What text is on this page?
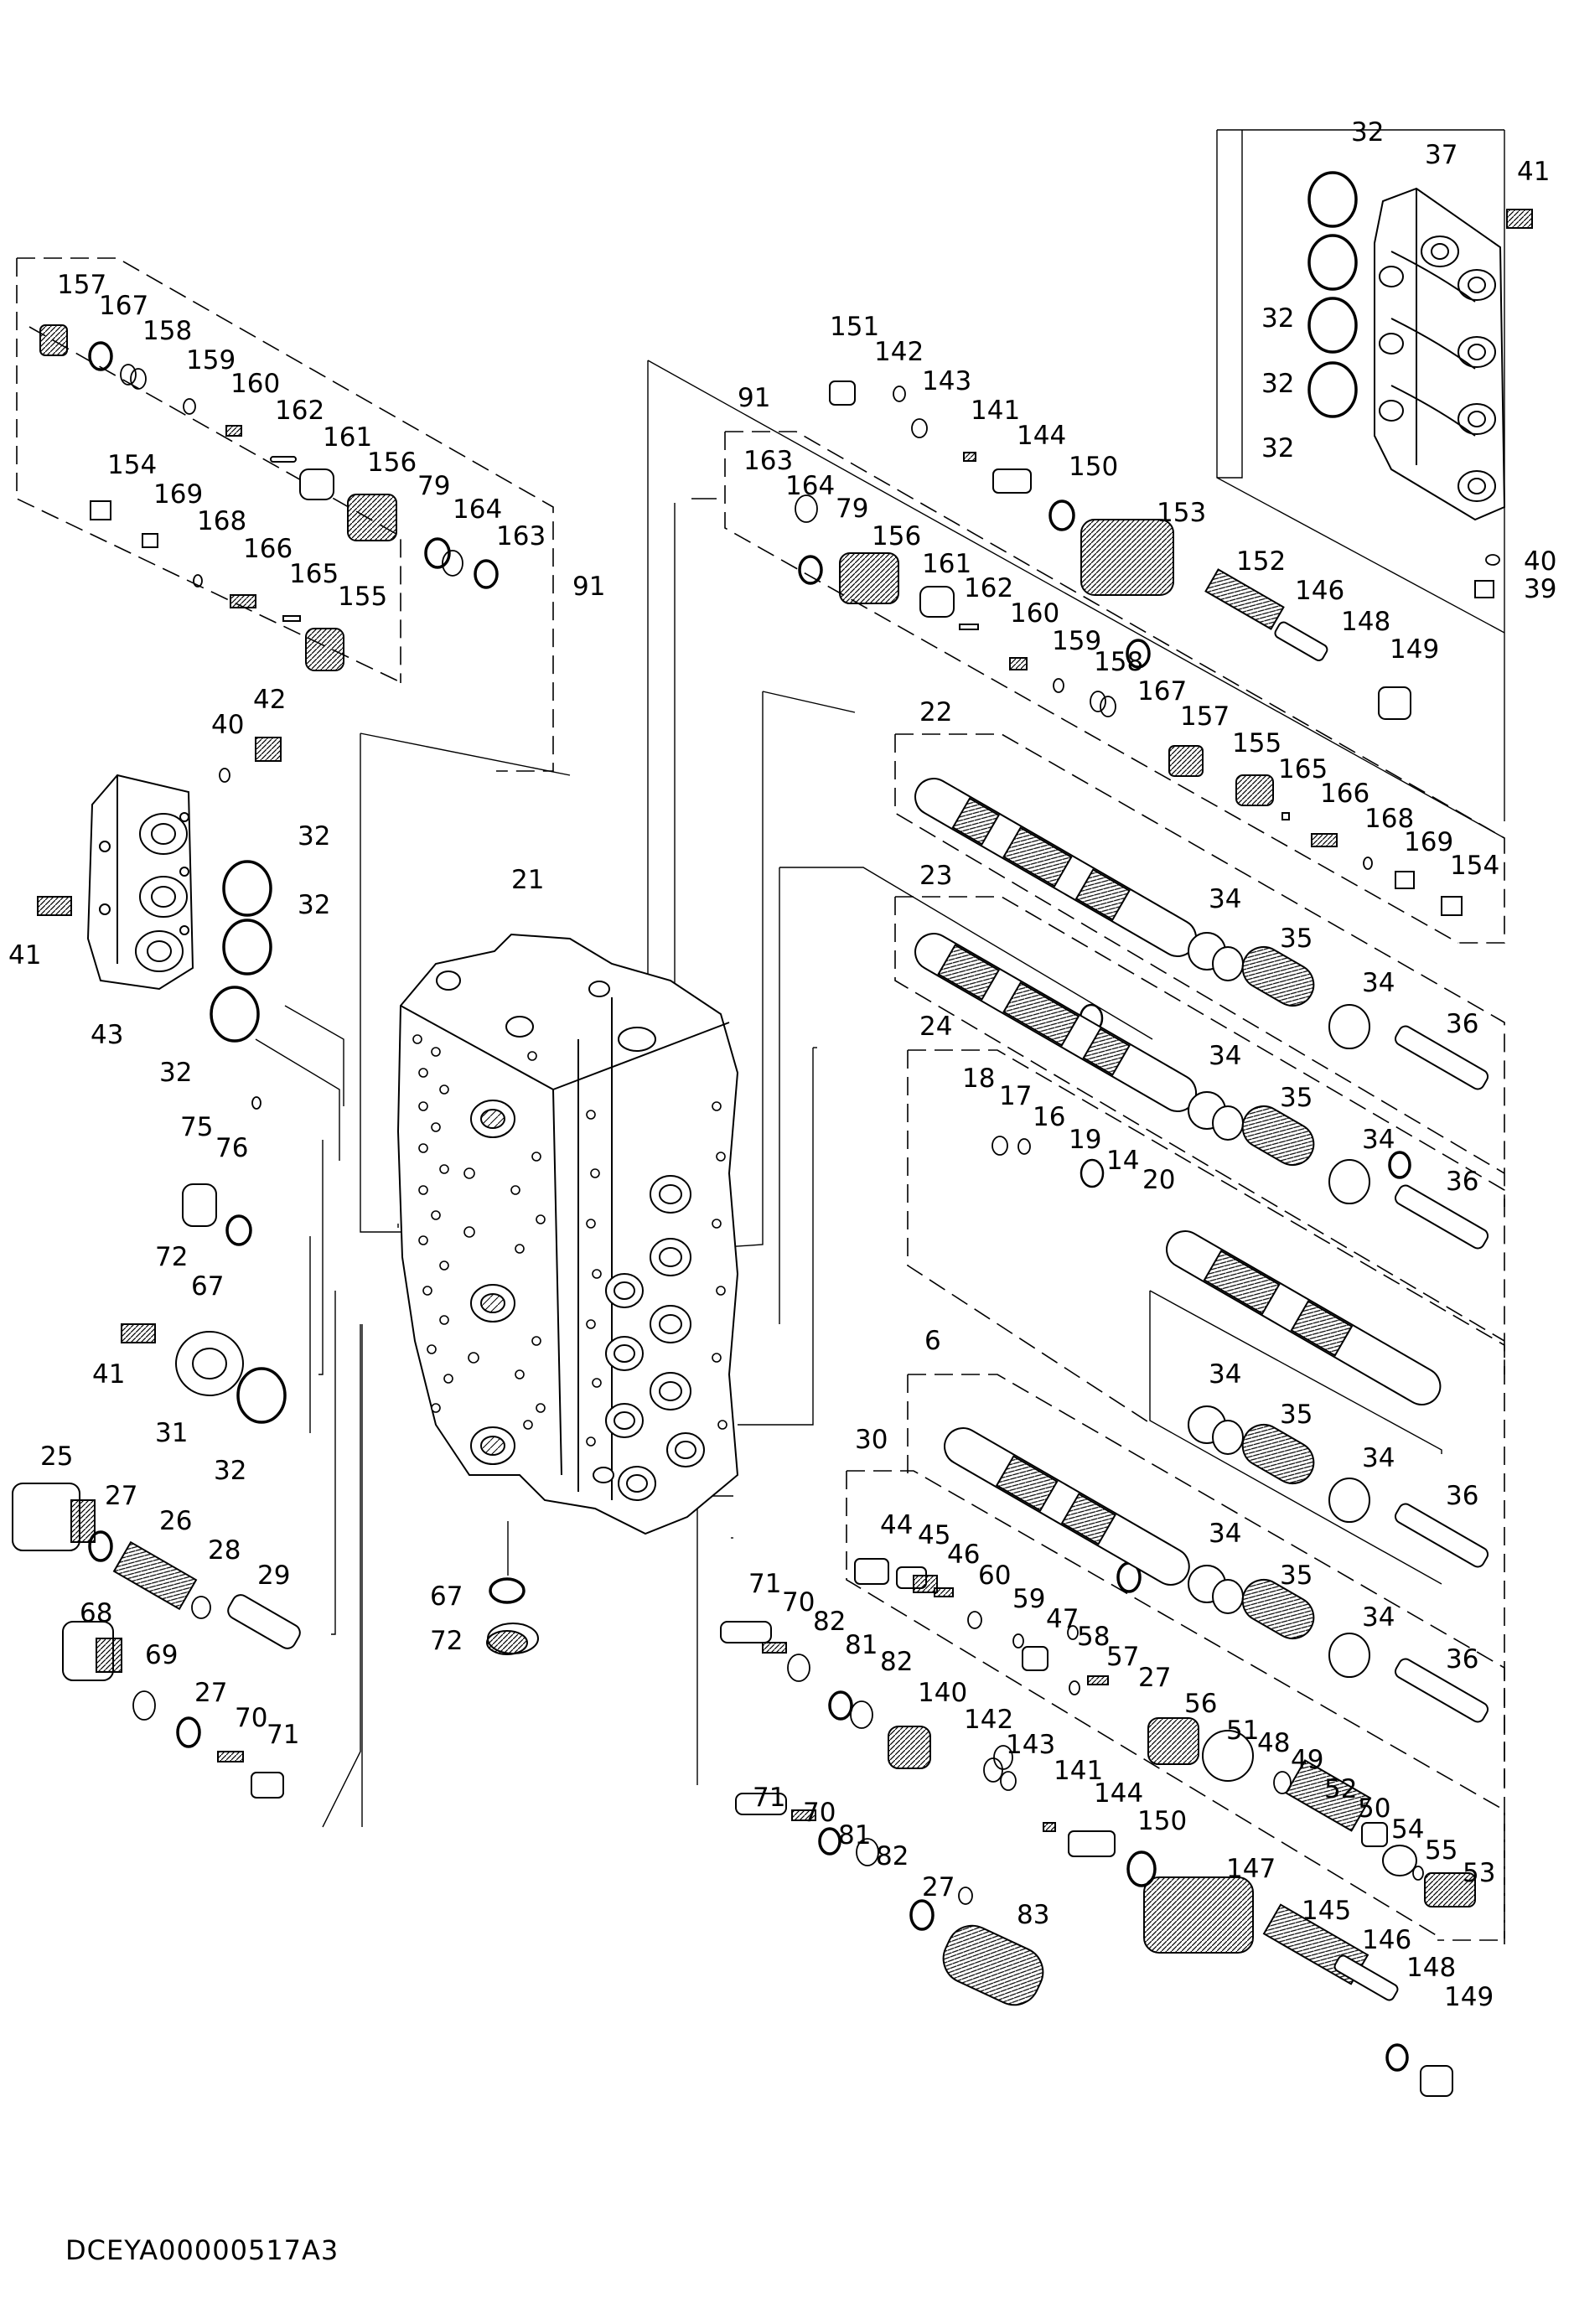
32
37
41
32
32
32
40
39
151
142
143
141
144
150
153
91
163
164
79
156
161
162
160
159
158
167
152
146
148
149
157
155
165
166
168
169
154
157
167
158
159
160
162
161
156
79
164
163
91
154
169
168
166
165
155
40
42
32
32
41
43
32
75
76
72
67
41
31
32
21
22
23
24
34
35
34
36
34
35
34
36
18
17
16
19
14
20
6
34
35
34
36
34
35
34
36
30
44 45
46
60
59
47
58
57
27
56
51
48
49
52
50
54
55
53
25
27
26
28
29
68
69
27
70
71
67
72
71
70
82
81
82
140
142
143
71 70
81
82
27
83
141
144
150
147
145
146
148
149

DCEYA00000517A3
